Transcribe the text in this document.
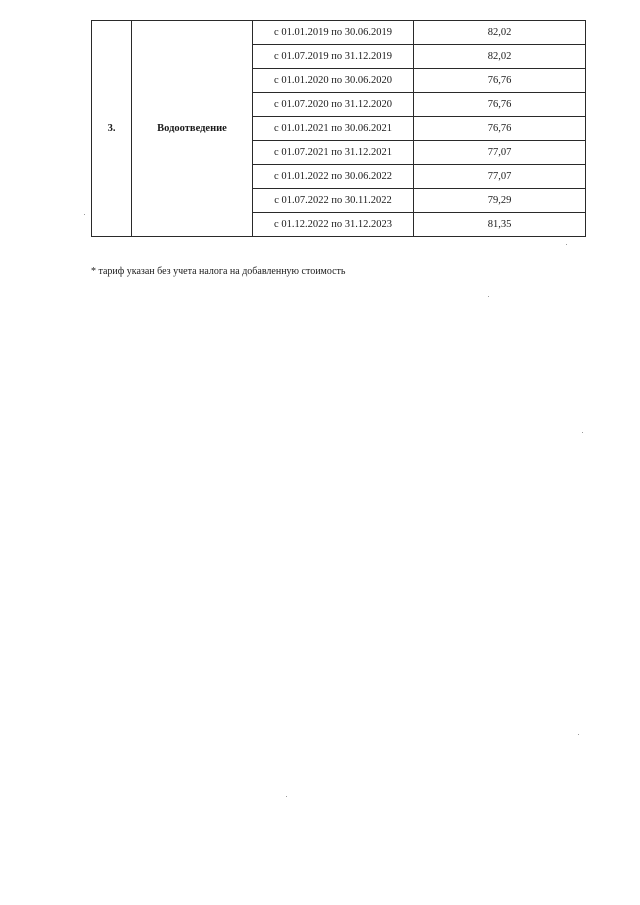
3.	Водоотведение	с 01.01.2019 по 30.06.2019	82,02
		с 01.07.2019 по 31.12.2019	82,02
		с 01.01.2020 по 30.06.2020	76,76
		с 01.07.2020 по 31.12.2020	76,76
		с 01.01.2021 по 30.06.2021	76,76
		с 01.07.2021 по 31.12.2021	77,07
		с 01.01.2022 по 30.06.2022	77,07
		с 01.07.2022 по 30.11.2022	79,29
		с 01.12.2022 по 31.12.2023	81,35
* тариф указан без учета налога на добавленную стоимость
